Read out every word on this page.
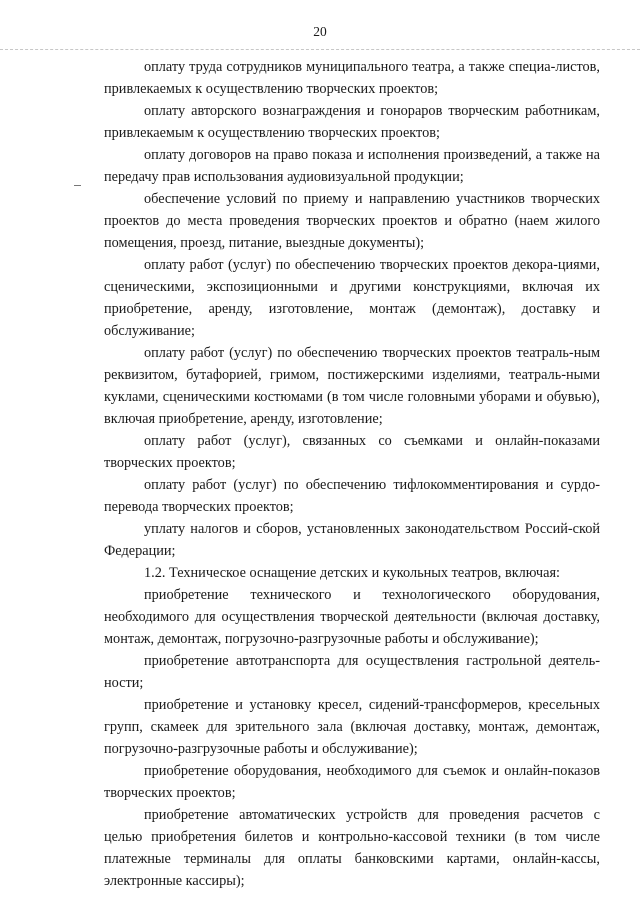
20

оплату труда сотрудников муниципального театра, а также специа-листов, привлекаемых к осуществлению творческих проектов;

оплату авторского вознаграждения и гонораров творческим работникам, привлекаемым к осуществлению творческих проектов;

оплату договоров на право показа и исполнения произведений, а также на передачу прав использования аудиовизуальной продукции;

обеспечение условий по приему и направлению участников творческих проектов до места проведения творческих проектов и обратно (наем жилого помещения, проезд, питание, выездные документы);

оплату работ (услуг) по обеспечению творческих проектов декора-циями, сценическими, экспозиционными и другими конструкциями, включая их приобретение, аренду, изготовление, монтаж (демонтаж), доставку и обслуживание;

оплату работ (услуг) по обеспечению творческих проектов театраль-ным реквизитом, бутафорией, гримом, постижерскими изделиями, театраль-ными куклами, сценическими костюмами (в том числе головными уборами и обувью), включая приобретение, аренду, изготовление;

оплату работ (услуг), связанных со съемками и онлайн-показами творческих проектов;

оплату работ (услуг) по обеспечению тифлокомментирования и сурдо-перевода творческих проектов;

уплату налогов и сборов, установленных законодательством Россий-ской Федерации;

1.2. Техническое оснащение детских и кукольных театров, включая:

приобретение технического и технологического оборудования, необходимого для осуществления творческой деятельности (включая доставку, монтаж, демонтаж, погрузочно-разгрузочные работы и обслуживание);

приобретение автотранспорта для осуществления гастрольной деятель-ности;

приобретение и установку кресел, сидений-трансформеров, кресельных групп, скамеек для зрительного зала (включая доставку, монтаж, демонтаж, погрузочно-разгрузочные работы и обслуживание);

приобретение оборудования, необходимого для съемок и онлайн-показов творческих проектов;

приобретение автоматических устройств для проведения расчетов с целью приобретения билетов и контрольно-кассовой техники (в том числе платежные терминалы для оплаты банковскими картами, онлайн-кассы, электронные кассиры);
